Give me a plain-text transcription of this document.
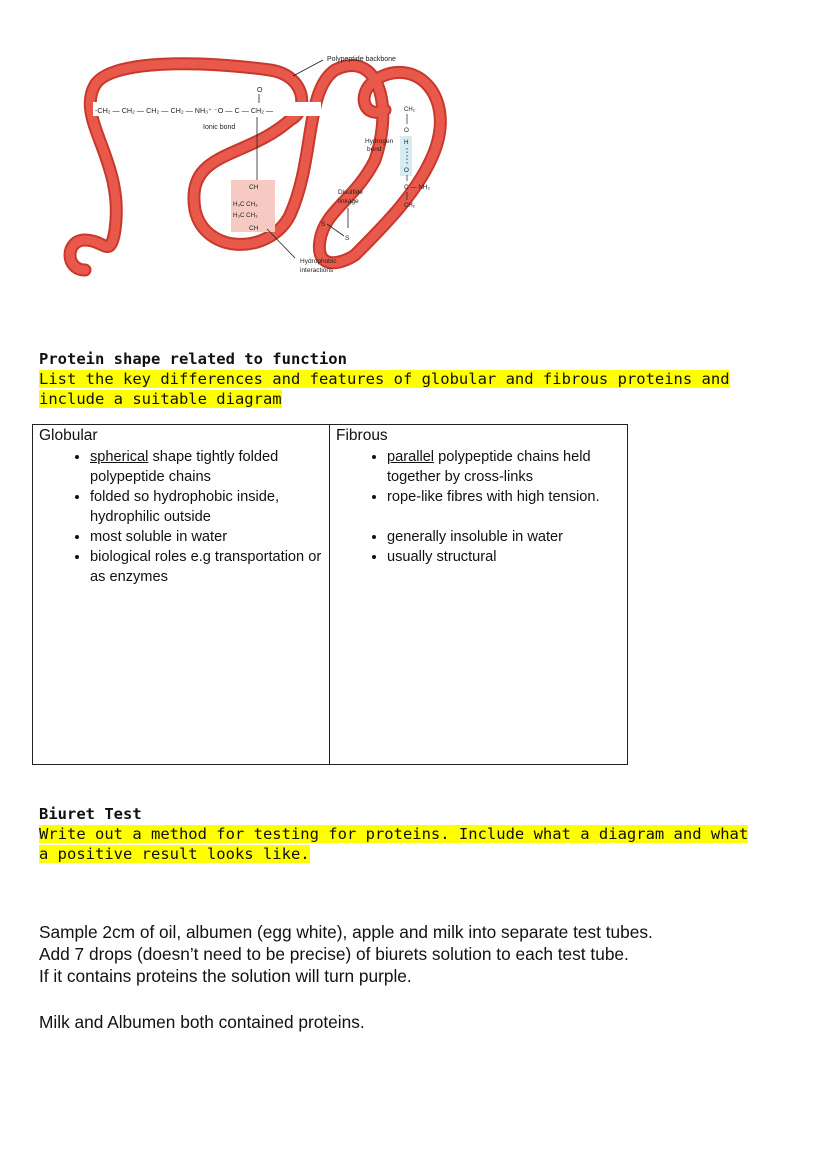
-CH₂ — CH₂ — CH₂ — CH₂ — NH₃⁺ ⁻O — C — CH₂ —
O
Ionic bond
Polypeptide backbone
CH
H₃C CH₃
H₃C CH₃
CH
Hydrophobic
interactions
Disulfide
linkage
S
S
Hydrogen
bond
CH₂
O
H
O
C — NH₂
CH₂
Protein shape related to function
List the key differences and features of globular and fibrous proteins and include a suitable diagram
Globular
• spherical shape tightly folded polypeptide chains
• folded so hydrophobic inside, hydrophilic outside
• most soluble in water
• biological roles e.g transportation or as enzymes

Fibrous
• parallel polypeptide chains held together by cross-links
• rope-like fibres with high tension.
• generally insoluble in water
• usually structural
Biuret Test
Write out a method for testing for proteins. Include what a diagram and what a positive result looks like.
Sample 2cm of oil, albumen (egg white), apple and milk into separate test tubes.
Add 7 drops (doesn’t need to be precise) of biurets solution to each test tube.
If it contains proteins the solution will turn purple.
Milk and Albumen both contained proteins.
